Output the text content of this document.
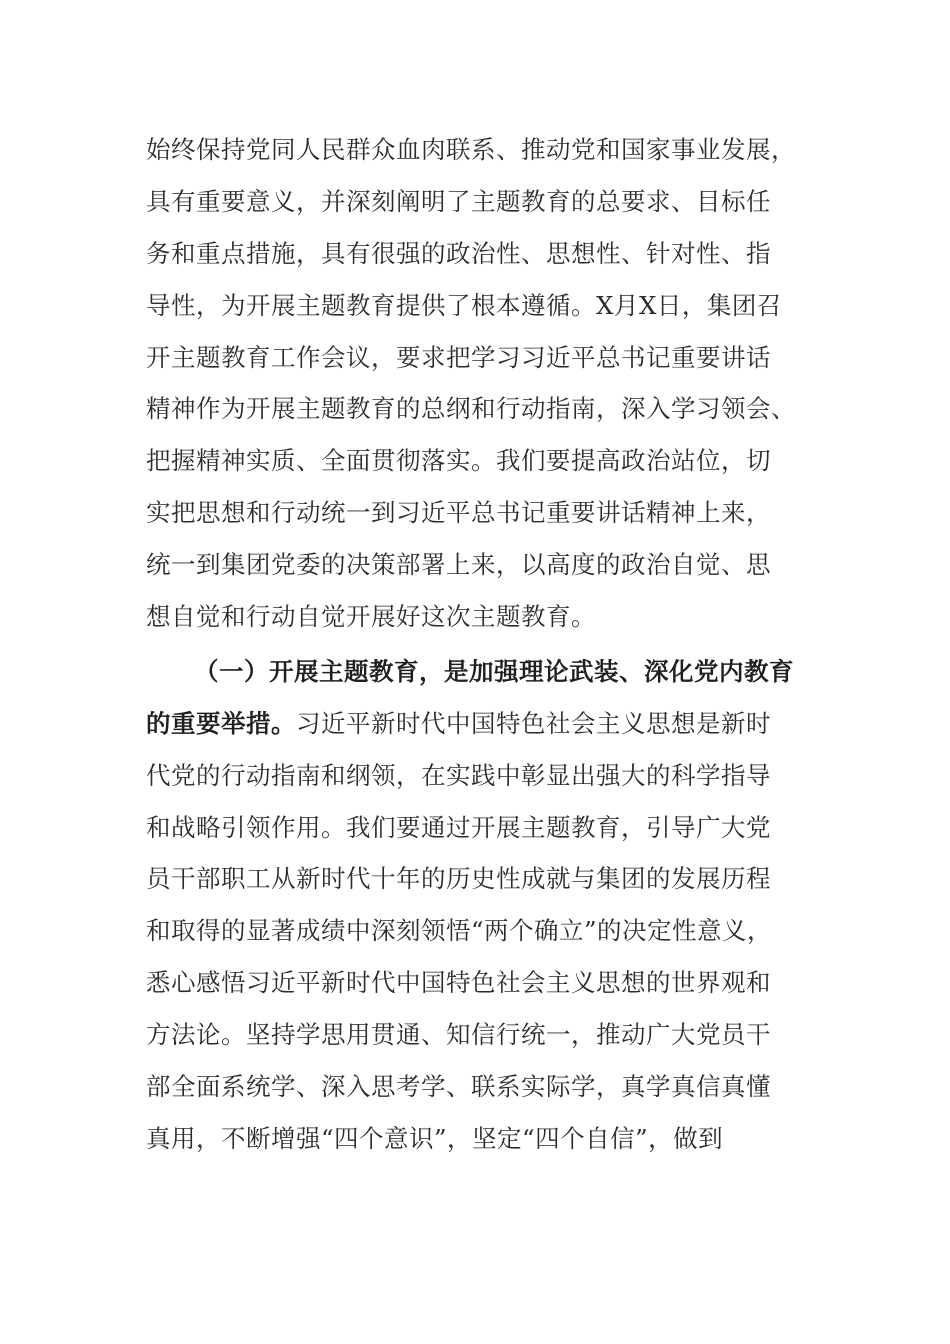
始终保持党同人民群众血肉联系、推动党和国家事业发展，
具有重要意义，并深刻阐明了主题教育的总要求、目标任
务和重点措施，具有很强的政治性、思想性、针对性、指
导性，为开展主题教育提供了根本遵循。X月X日，集团召
开主题教育工作会议，要求把学习习近平总书记重要讲话
精神作为开展主题教育的总纲和行动指南，深入学习领会、
把握精神实质、全面贯彻落实。我们要提高政治站位，切
实把思想和行动统一到习近平总书记重要讲话精神上来，
统一到集团党委的决策部署上来，以高度的政治自觉、思
想自觉和行动自觉开展好这次主题教育。
（一）开展主题教育，是加强理论武装、深化党内教育
的重要举措。习近平新时代中国特色社会主义思想是新时
代党的行动指南和纲领，在实践中彰显出强大的科学指导
和战略引领作用。我们要通过开展主题教育，引导广大党
员干部职工从新时代十年的历史性成就与集团的发展历程
和取得的显著成绩中深刻领悟“两个确立”的决定性意义，
悉心感悟习近平新时代中国特色社会主义思想的世界观和
方法论。坚持学思用贯通、知信行统一，推动广大党员干
部全面系统学、深入思考学、联系实际学，真学真信真懂
真用，不断增强“四个意识”，坚定“四个自信”，做到
